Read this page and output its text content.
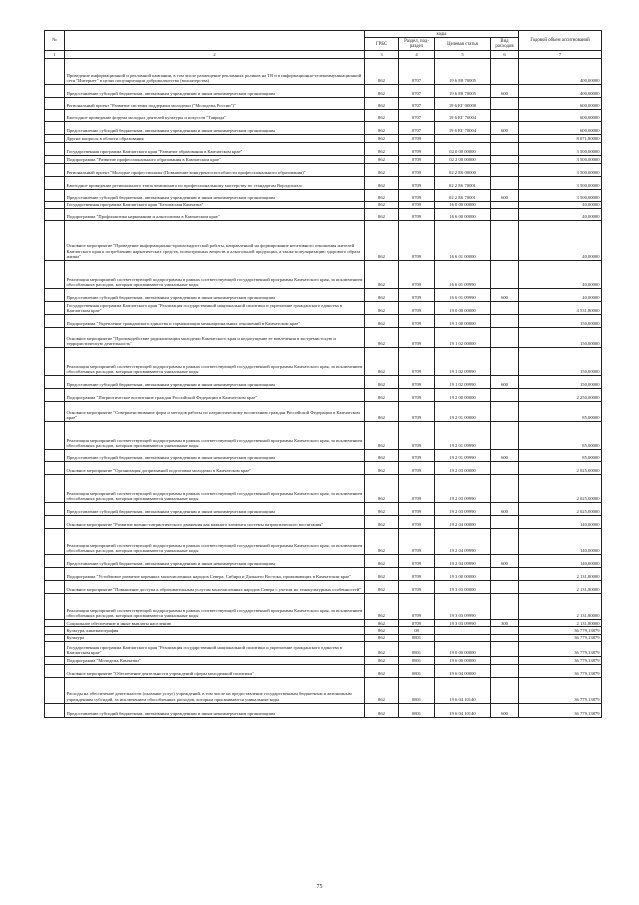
№		коды				Годовой объем ассигнований
		ГРБС	Раздел, под-раздел	Целевая статья	Вид расходов	
1	2	3	4	5	6	7
	Проведение информационной и рекламной кампании, в том числе размещение рекламных роликов на ТВ и в информационно-телекоммуникационной сети "Интернет" в целях популяризации добровольчества (волонтерства)	862	0707	19 6 E8 70005		400,00000
	Предоставление субсидий бюджетным, автономным учреждениям и иным некоммерческим организациям	862	0707	19 6 E8 70005	600	400,00000
	Региональный проект "Развитие системы поддержки молодежи ("Молодежь России")"	862	0707	19 6 EГ 00000		600,00000
	Ежегодное проведение форума молодых деятелей культуры и искусств "Таврида"	862	0707	19 6 EГ 70004		600,00000
	Предоставление субсидий бюджетным, автономным учреждениям и иным некоммерческим организациям	862	0707	19 6 EГ 70004	600	600,00000
	Другие вопросы в области образования	862	0709			8 071,80000
	Государственная программа Камчатского края "Развитие образования в Камчатском крае"	862	0709	02 0 00 00000		3 500,00000
	Подпрограмма "Развитие профессионального образования в Камчатском крае"	862	0709	02 2 00 00000		3 500,00000
	Региональный проект "Молодые профессионалы (Повышение конкурентоспособности профессионального образования)"	862	0709	02 2 E6 00000		3 500,00000
	Ежегодное проведение регионального этапа чемпионата по профессиональному мастерству по стандартам Ворлдскиллс	862	0709	02 2 E6 70001		3 500,00000
	Предоставление субсидий бюджетным, автономным учреждениям и иным некоммерческим организациям	862	0709	02 2 E6 70001	600	3 500,00000
	Государственная программа Камчатского края "Безопасная Камчатка"	862	0709	16 0 00 00000		40,00000
	Подпрограмма "Профилактика наркомании и алкоголизма в Камчатском крае"	862	0709	16 6 00 00000		40,00000
	Основное мероприятие "Проведение информационно-пропагандистской работы, направленной на формирование негативного отношения жителей Камчатского края к потреблению наркотических средств, психотропных веществ и алкогольной продукции, а также популяризацию здорового образа жизни"	862	0709	16 6 01 00000		40,00000
	Реализация мероприятий соответствующей подпрограммы в рамках соответствующей государственной программы Камчатского края, за исключением обособленных расходов, которым присваиваются уникальные коды	862	0709	16 6 01 09990		40,00000
	Предоставление субсидий бюджетным, автономным учреждениям и иным некоммерческим организациям	862	0709	16 6 01 09990	600	40,00000
	Государственная программа Камчатского края "Реализация государственной национальной политики и укрепление гражданского единства в Камчатском крае"	862	0709	19 0 00 00000		4 531,80000
	Подпрограмма "Укрепление гражданского единства и гармонизация межнациональных отношений в Камчатском крае"	862	0709	19 1 00 00000		150,00000
	Основное мероприятие "Противодействие радикализации молодежи Камчатского края и недопущение ее вовлечения в экстремистскую и террористическую деятельность"	862	0709	19 1 02 00000		150,00000
	Реализация мероприятий соответствующей подпрограммы в рамках соответствующей государственной программы Камчатского края, за исключением обособленных расходов, которым присваиваются уникальные коды	862	0709	19 1 02 09990		150,00000
	Предоставление субсидий бюджетным, автономным учреждениям и иным некоммерческим организациям	862	0709	19 1 02 09990	600	150,00000
	Подпрограмма "Патриотическое воспитание граждан Российской Федерации в Камчатском крае"	862	0709	19 2 00 00000		2 250,00000
	Основное мероприятие "Совершенствование форм и методов работы по патриотическому воспитанию граждан Российской Федерации в Камчатском крае"	862	0709	19 2 01 00000		85,00000
	Реализация мероприятий соответствующей подпрограммы в рамках соответствующей государственной программы Камчатского края, за исключением обособленных расходов, которым присваиваются уникальные коды	862	0709	19 2 01 09990		85,00000
	Предоставление субсидий бюджетным, автономным учреждениям и иным некоммерческим организациям	862	0709	19 2 01 09990	600	85,00000
	Основное мероприятие "Организация допризывной подготовки молодежи в Камчатском крае"	862	0709	19 2 03 00000		2 025,00000
	Реализация мероприятий соответствующей подпрограммы в рамках соответствующей государственной программы Камчатского края, за исключением обособленных расходов, которым присваиваются уникальные коды	862	0709	19 2 03 09990		2 025,00000
	Предоставление субсидий бюджетным, автономным учреждениям и иным некоммерческим организациям	862	0709	19 2 03 09990	600	2 025,00000
	Основное мероприятие "Развитие военно-патриотического движения как важного элемента системы патриотического воспитания"	862	0709	19 2 04 00000		140,00000
	Реализация мероприятий соответствующей подпрограммы в рамках соответствующей государственной программы Камчатского края, за исключением обособленных расходов, которым присваиваются уникальные коды	862	0709	19 2 04 09990		140,00000
	Предоставление субсидий бюджетным, автономным учреждениям и иным некоммерческим организациям	862	0709	19 2 04 09990	600	140,00000
	Подпрограмма "Устойчивое развитие коренных малочисленных народов Севера, Сибири и Дальнего Востока, проживающих в Камчатском крае"	862	0709	19 3 00 00000		2 131,80000
	Основное мероприятие "Повышение доступа к образовательным услугам малочисленных народов Севера с учетом их этнокультурных особенностей"	862	0709	19 3 03 00000		2 131,80000
	Реализация мероприятий соответствующей подпрограммы в рамках соответствующей государственной программы Камчатского края, за исключением обособленных расходов, которым присваиваются уникальные коды	862	0709	19 3 03 09990		2 131,80000
	Социальное обеспечение и иные выплаты населению	862	0709	19 3 03 09990	300	2 131,80000
	Культура, кинематография	862	08			36 779,13879
	Культура	862	0801			36 779,13879
	Государственная программа Камчатского края "Реализация государственной национальной политики и укрепление гражданского единства в Камчатском крае"	862	0801	19 0 00 00000		36 779,13879
	Подпрограмма "Молодежь Камчатки"	862	0801	19 6 00 00000		36 779,13879
	Основное мероприятие "Обеспечение деятельности учреждений сферы молодежной политики"	862	0801	19 6 04 00000		36 779,13879
	Расходы на обеспечение деятельности (оказание услуг) учреждений, в том числе на предоставление государственным бюджетным и автономным учреждениям субсидий, за исключением обособленных расходов, которым присваиваются уникальные коды	862	0801	19 6 04 10140		36 779,13879
	Предоставление субсидий бюджетным, автономным учреждениям и иным некоммерческим организациям	862	0801	19 6 04 10140	600	36 779,13879
75
